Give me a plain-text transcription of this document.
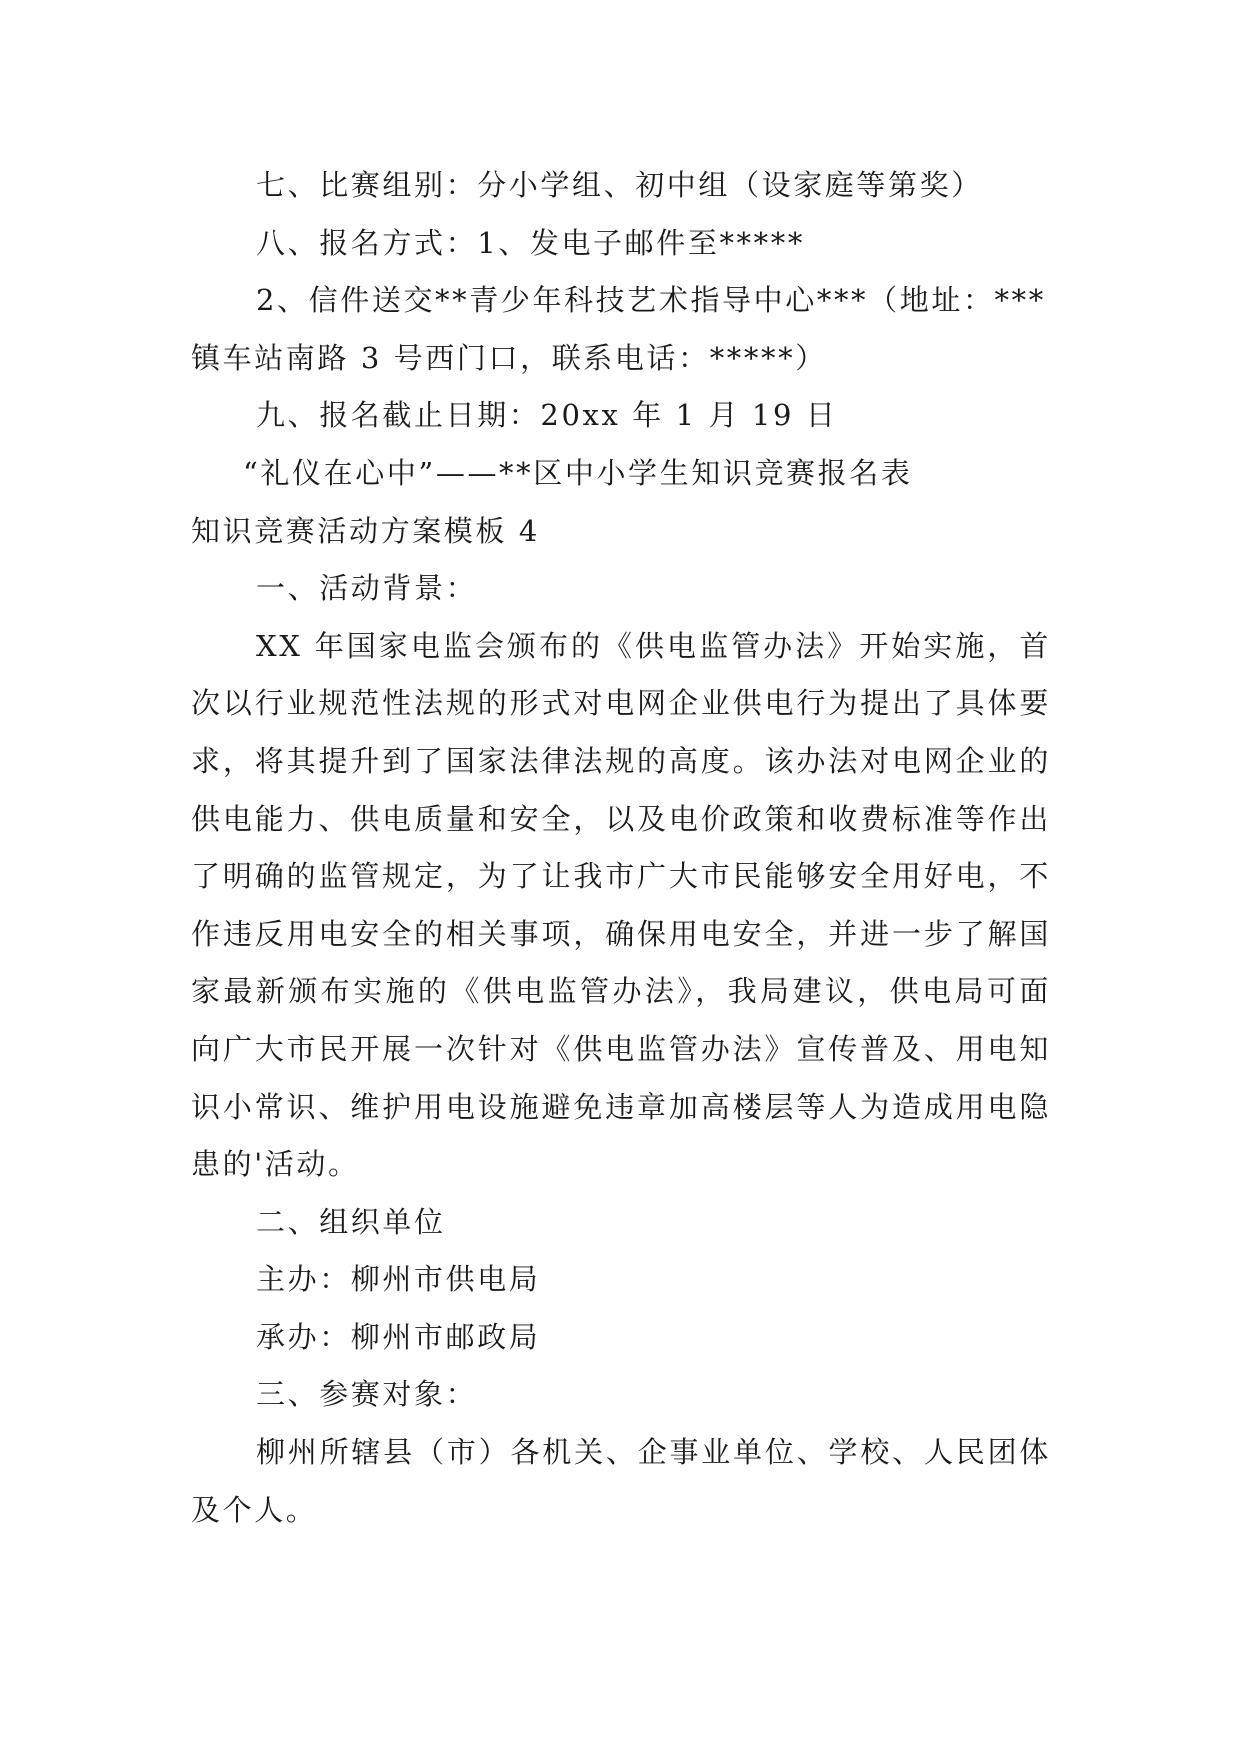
七、比赛组别：分小学组、初中组（设家庭等第奖）

八、报名方式：1、发电子邮件至*****

2、信件送交**青少年科技艺术指导中心***（地址：***

镇车站南路 3 号西门口，联系电话：*****）

九、报名截止日期：20xx 年 1 月 19 日

“礼仪在心中”——**区中小学生知识竞赛报名表

知识竞赛活动方案模板 4

一、活动背景：

XX 年国家电监会颁布的《供电监管办法》开始实施，首次以行业规范性法规的形式对电网企业供电行为提出了具体要求，将其提升到了国家法律法规的高度。该办法对电网企业的供电能力、供电质量和安全，以及电价政策和收费标准等作出了明确的监管规定，为了让我市广大市民能够安全用好电，不作违反用电安全的相关事项，确保用电安全，并进一步了解国家最新颁布实施的《供电监管办法》，我局建议，供电局可面向广大市民开展一次针对《供电监管办法》宣传普及、用电知识小常识、维护用电设施避免违章加高楼层等人为造成用电隐患的'活动。

二、组织单位

主办：柳州市供电局

承办：柳州市邮政局

三、参赛对象：

柳州所辖县（市）各机关、企事业单位、学校、人民团体及个人。
